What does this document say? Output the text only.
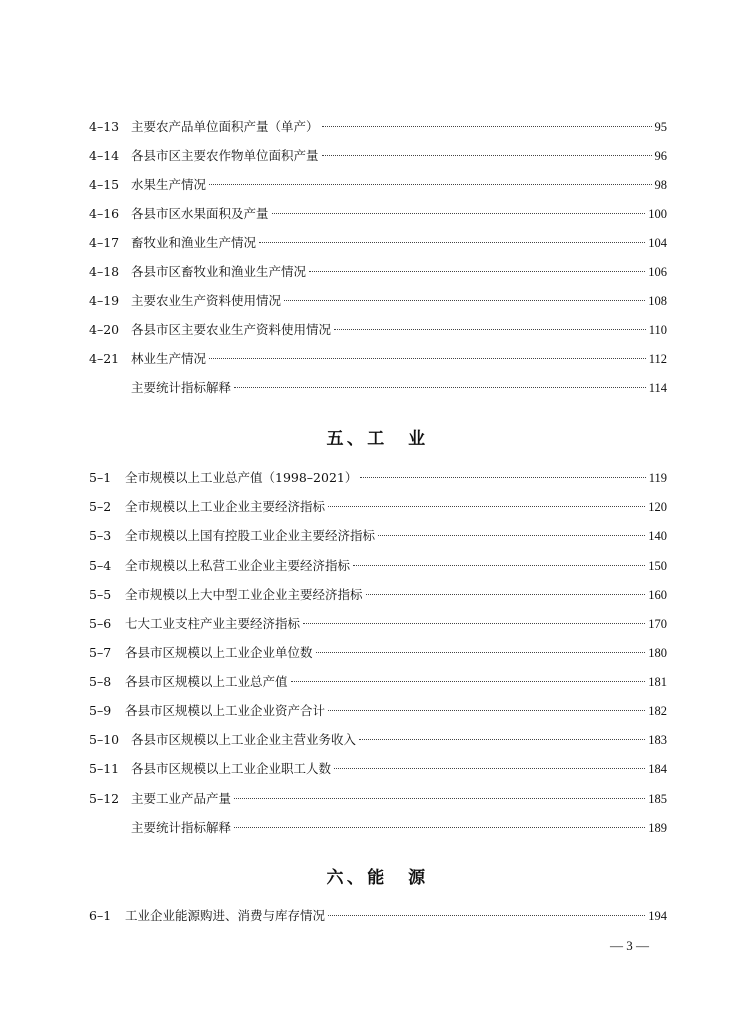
4–13 主要农产品单位面积产量（单产）	95
4–14 各县市区主要农作物单位面积产量	96
4–15 水果生产情况	98
4–16 各县市区水果面积及产量	100
4–17 畜牧业和渔业生产情况	104
4–18 各县市区畜牧业和渔业生产情况	106
4–19 主要农业生产资料使用情况	108
4–20 各县市区主要农业生产资料使用情况	110
4–21 林业生产情况	112
主要统计指标解释	114
五、工　业
5–1	全市规模以上工业总产值（1998–2021）	119
5–2	全市规模以上工业企业主要经济指标	120
5–3	全市规模以上国有控股工业企业主要经济指标	140
5–4	全市规模以上私营工业企业主要经济指标	150
5–5	全市规模以上大中型工业企业主要经济指标	160
5–6	七大工业支柱产业主要经济指标	170
5–7	各县市区规模以上工业企业单位数	180
5–8	各县市区规模以上工业总产值	181
5–9	各县市区规模以上工业企业资产合计	182
5–10 各县市区规模以上工业企业主营业务收入	183
5–11 各县市区规模以上工业企业职工人数	184
5–12 主要工业产品产量	185
主要统计指标解释	189
六、能　源
6–1	工业企业能源购进、消费与库存情况	194
— 3 —
